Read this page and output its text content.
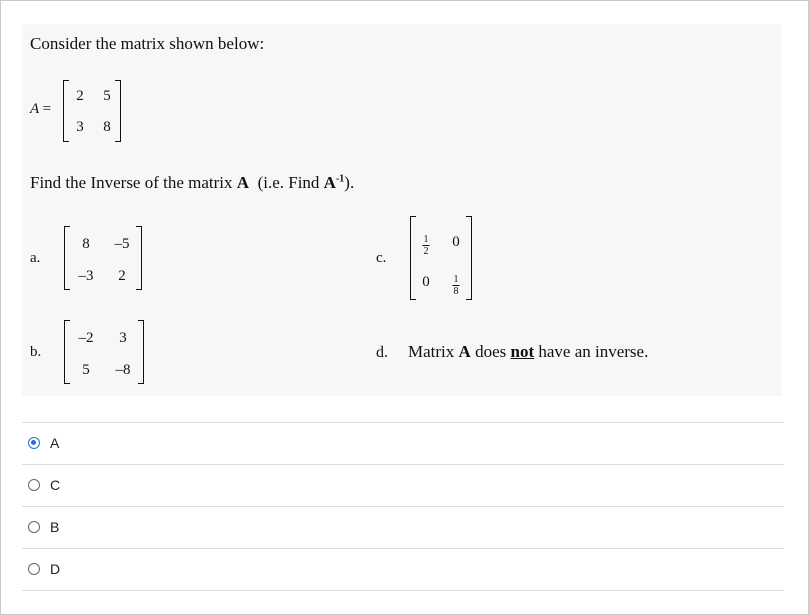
Consider the matrix shown below:
A =
2 5
3 8
Find the Inverse of the matrix A  (i.e. Find $A^{-1}$).
a.
8 –5
–3 2
c.
$\frac{1}{2} 0$
$0 \frac{1}{8}$
b.
–2 3
5 –8
d. Matrix A does not have an inverse.
A
C
B
D
